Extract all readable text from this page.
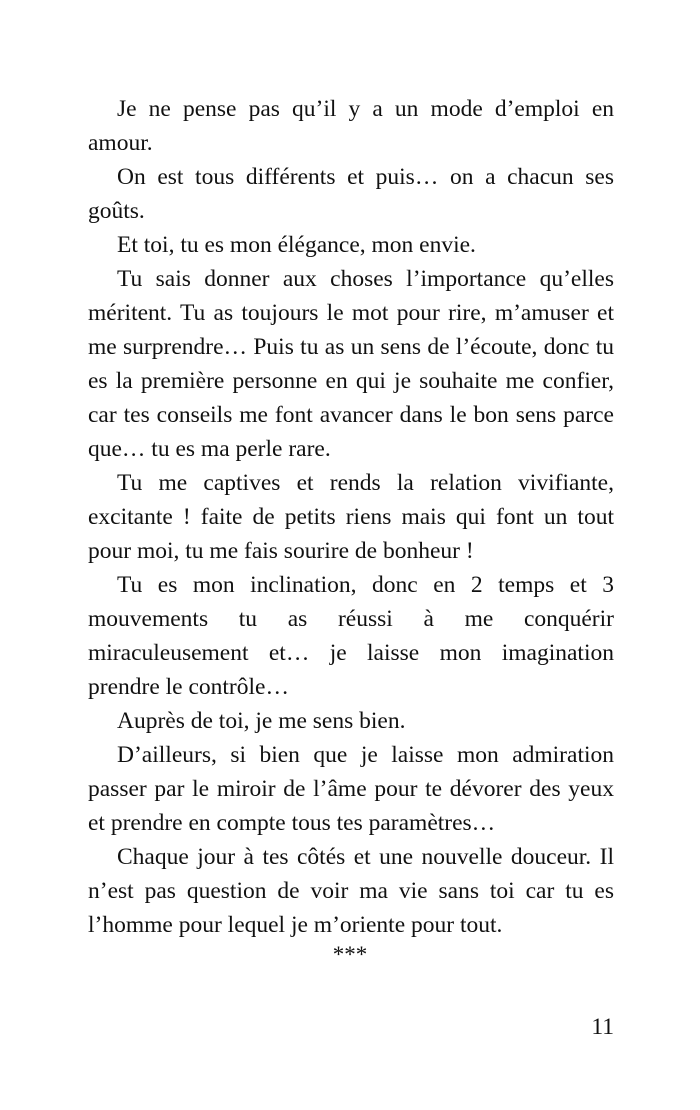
Je ne pense pas qu’il y a un mode d’emploi en amour.

On est tous différents et puis… on a chacun ses goûts.

Et toi, tu es mon élégance, mon envie.

Tu sais donner aux choses l’importance qu’elles méritent. Tu as toujours le mot pour rire, m’amuser et me surprendre… Puis tu as un sens de l’écoute, donc tu es la première personne en qui je souhaite me confier, car tes conseils me font avancer dans le bon sens parce que… tu es ma perle rare.

Tu me captives et rends la relation vivifiante, excitante ! faite de petits riens mais qui font un tout pour moi, tu me fais sourire de bonheur !

Tu es mon inclination, donc en 2 temps et 3 mouvements tu as réussi à me conquérir miraculeusement et… je laisse mon imagination prendre le contrôle…

Auprès de toi, je me sens bien.

D’ailleurs, si bien que je laisse mon admiration passer par le miroir de l’âme pour te dévorer des yeux et prendre en compte tous tes paramètres…

Chaque jour à tes côtés et une nouvelle douceur. Il n’est pas question de voir ma vie sans toi car tu es l’homme pour lequel je m’oriente pour tout.

***
11
